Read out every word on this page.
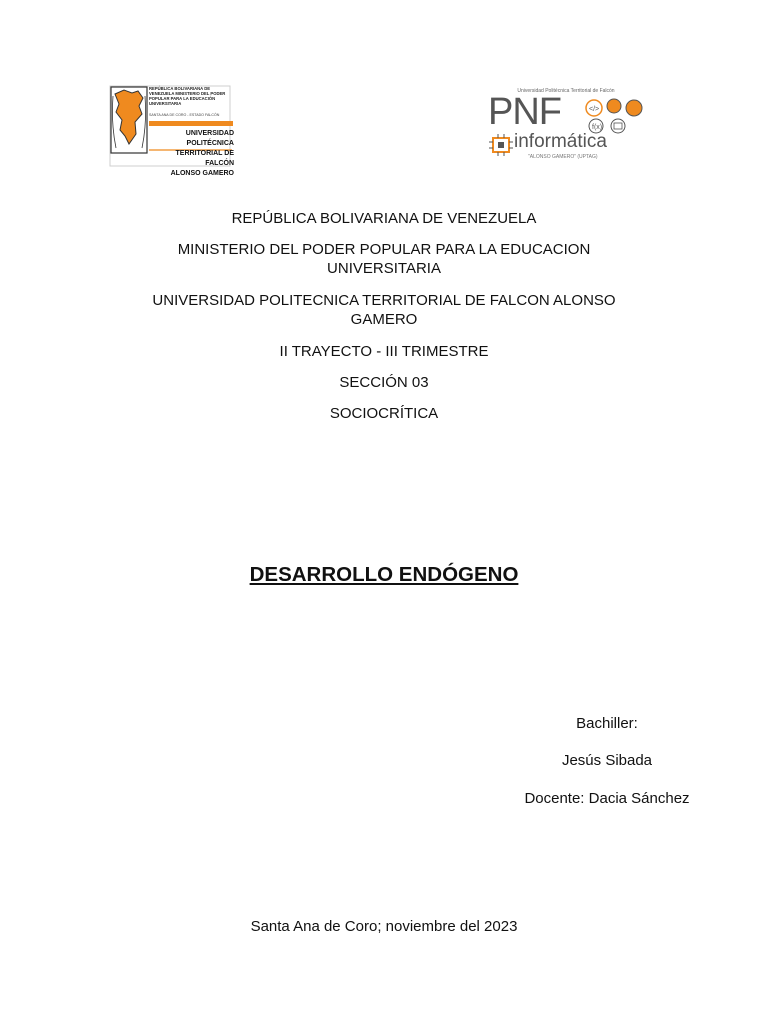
REPÚBLICA BOLIVARIANA DE VENEZUELA MINISTERIO DEL PODER POPULAR PARA LA EDUCACIÓN UNIVERSITARIA
SANTA ANA DE CORO - ESTADO FALCÓN
UNIVERSIDAD POLITÉCNICA
TERRITORIAL DE FALCÓN
ALONSO GAMERO
Universidad Politécnica Territorial de Falcón
PNF	</>
f(x)
informática
"ALONSO GAMERO" (UPTAG)

REPÚBLICA BOLIVARIANA DE VENEZUELA

MINISTERIO DEL PODER POPULAR PARA LA EDUCACION UNIVERSITARIA

UNIVERSIDAD POLITECNICA TERRITORIAL DE FALCON ALONSO GAMERO

II TRAYECTO - III TRIMESTRE

SECCIÓN 03

SOCIOCRÍTICA

DESARROLLO ENDÓGENO

Bachiller:

Jesús Sibada

Docente: Dacia Sánchez

Santa Ana de Coro; noviembre del 2023
